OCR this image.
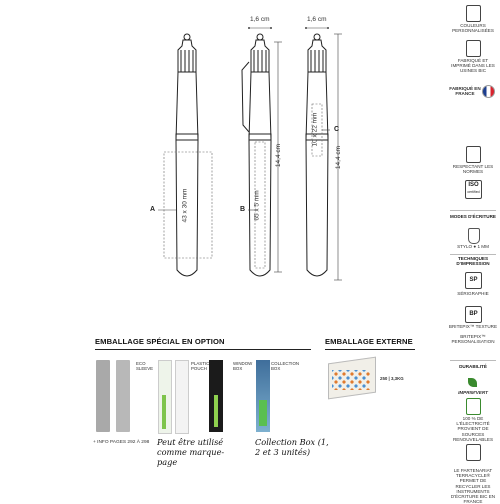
1,6 cm	1,6 cm
14,4 cm	14,4 cm
A	43 x 30 mm	B 65 x 5 mm
C
10 x 22 mm
COULEURS PERSONNALISÉES
FABRIQUÉ ET IMPRIMÉ DANS LES USINES BIC
FABRIQUÉ EN FRANCE
RESPECTANT LES NORMES
ISO
certified
MODES D'ÉCRITURE
STYLO ● 1 MM
TECHNIQUES D'IMPRESSION
SP
SÉRIGRAPHIE
BP
BRITEPIX™ TEXTURE
BRITEPIX™ PERSONALISATION
DURABILITÉ
IMPRIM'VERT
100 % DE L'ÉLECTRICITÉ PROVIENT DE SOURCES RENOUVELABLES
LE PARTENARIAT TERRACYCLE® PERMET DE RECYCLER LES INSTRUMENTS D'ÉCRITURE BIC EN FRANCE
EMBALLAGE SPÉCIAL EN OPTION	EMBALLAGE EXTERNE
ECO SLEEVE
PLASTIC POUCH
WINDOW BOX
COLLECTION BOX
250 | 3,3KG
+ INFO PAGES 292 À 298 Peut être utilisé comme marque-page
Collection Box (1, 2 et 3 unités)
